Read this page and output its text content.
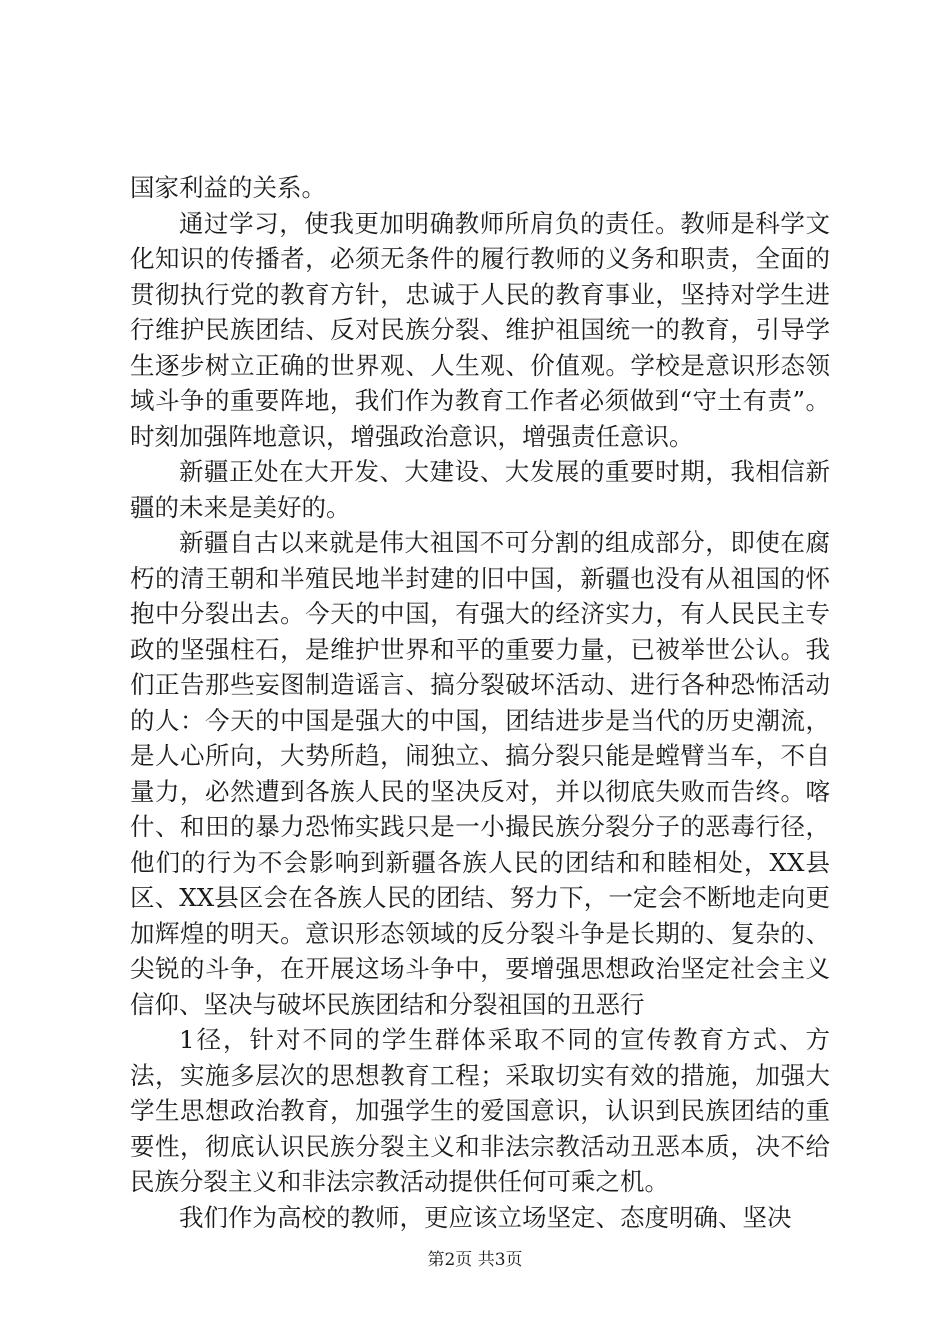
国家利益的关系。

通过学习，使我更加明确教师所肩负的责任。教师是科学文化知识的传播者，必须无条件的履行教师的义务和职责，全面的贯彻执行党的教育方针，忠诚于人民的教育事业，坚持对学生进行维护民族团结、反对民族分裂、维护祖国统一的教育，引导学生逐步树立正确的世界观、人生观、价值观。学校是意识形态领域斗争的重要阵地，我们作为教育工作者必须做到“守土有责”。时刻加强阵地意识，增强政治意识，增强责任意识。

新疆正处在大开发、大建设、大发展的重要时期，我相信新疆的未来是美好的。

新疆自古以来就是伟大祖国不可分割的组成部分，即使在腐朽的清王朝和半殖民地半封建的旧中国，新疆也没有从祖国的怀抱中分裂出去。今天的中国，有强大的经济实力，有人民民主专政的坚强柱石，是维护世界和平的重要力量，已被举世公认。我们正告那些妄图制造谣言、搞分裂破坏活动、进行各种恐怖活动的人：今天的中国是强大的中国，团结进步是当代的历史潮流，是人心所向，大势所趋，闹独立、搞分裂只能是螳臂当车，不自量力，必然遭到各族人民的坚决反对，并以彻底失败而告终。喀什、和田的暴力恐怖实践只是一小撮民族分裂分子的恶毒行径，他们的行为不会影响到新疆各族人民的团结和和睦相处，XX县区、XX县区会在各族人民的团结、努力下，一定会不断地走向更加辉煌的明天。意识形态领域的反分裂斗争是长期的、复杂的、尖锐的斗争，在开展这场斗争中，要增强思想政治坚定社会主义信仰、坚决与破坏民族团结和分裂祖国的丑恶行

1径，针对不同的学生群体采取不同的宣传教育方式、方法，实施多层次的思想教育工程；采取切实有效的措施，加强大学生思想政治教育，加强学生的爱国意识，认识到民族团结的重要性，彻底认识民族分裂主义和非法宗教活动丑恶本质，决不给民族分裂主义和非法宗教活动提供任何可乘之机。

我们作为高校的教师，更应该立场坚定、态度明确、坚决

第2页 共3页
